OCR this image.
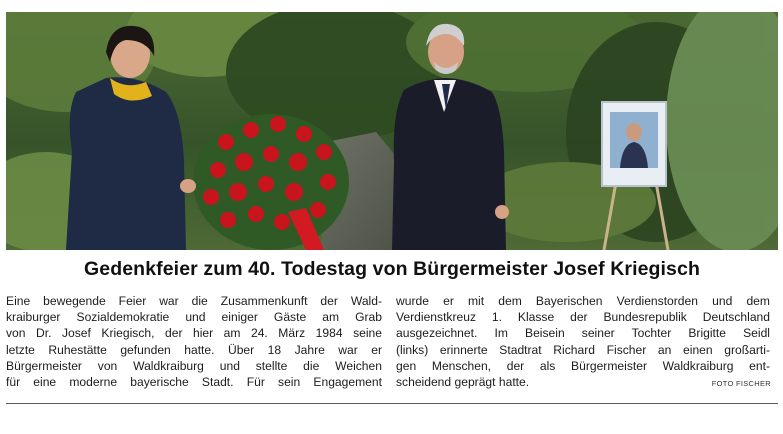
Gedenkfeier zum 40. Todestag von Bürgermeister Josef Kriegisch
Eine bewegende Feier war die Zusammenkunft der Wald-
kraiburger Sozialdemokratie und einiger Gäste am Grab
von Dr. Josef Kriegisch, der hier am 24. März 1984 seine
letzte Ruhestätte gefunden hatte. Über 18 Jahre war er
Bürgermeister von Waldkraiburg und stellte die Weichen
für eine moderne bayerische Stadt. Für sein Engagement
wurde er mit dem Bayerischen Verdienstorden und dem
Verdienstkreuz 1. Klasse der Bundesrepublik Deutschland
ausgezeichnet. Im Beisein seiner Tochter Brigitte Seidl
(links) erinnerte Stadtrat Richard Fischer an einen großarti-
gen Menschen, der als Bürgermeister Waldkraiburg ent-
scheidend geprägt hatte.	FOTO FISCHER
